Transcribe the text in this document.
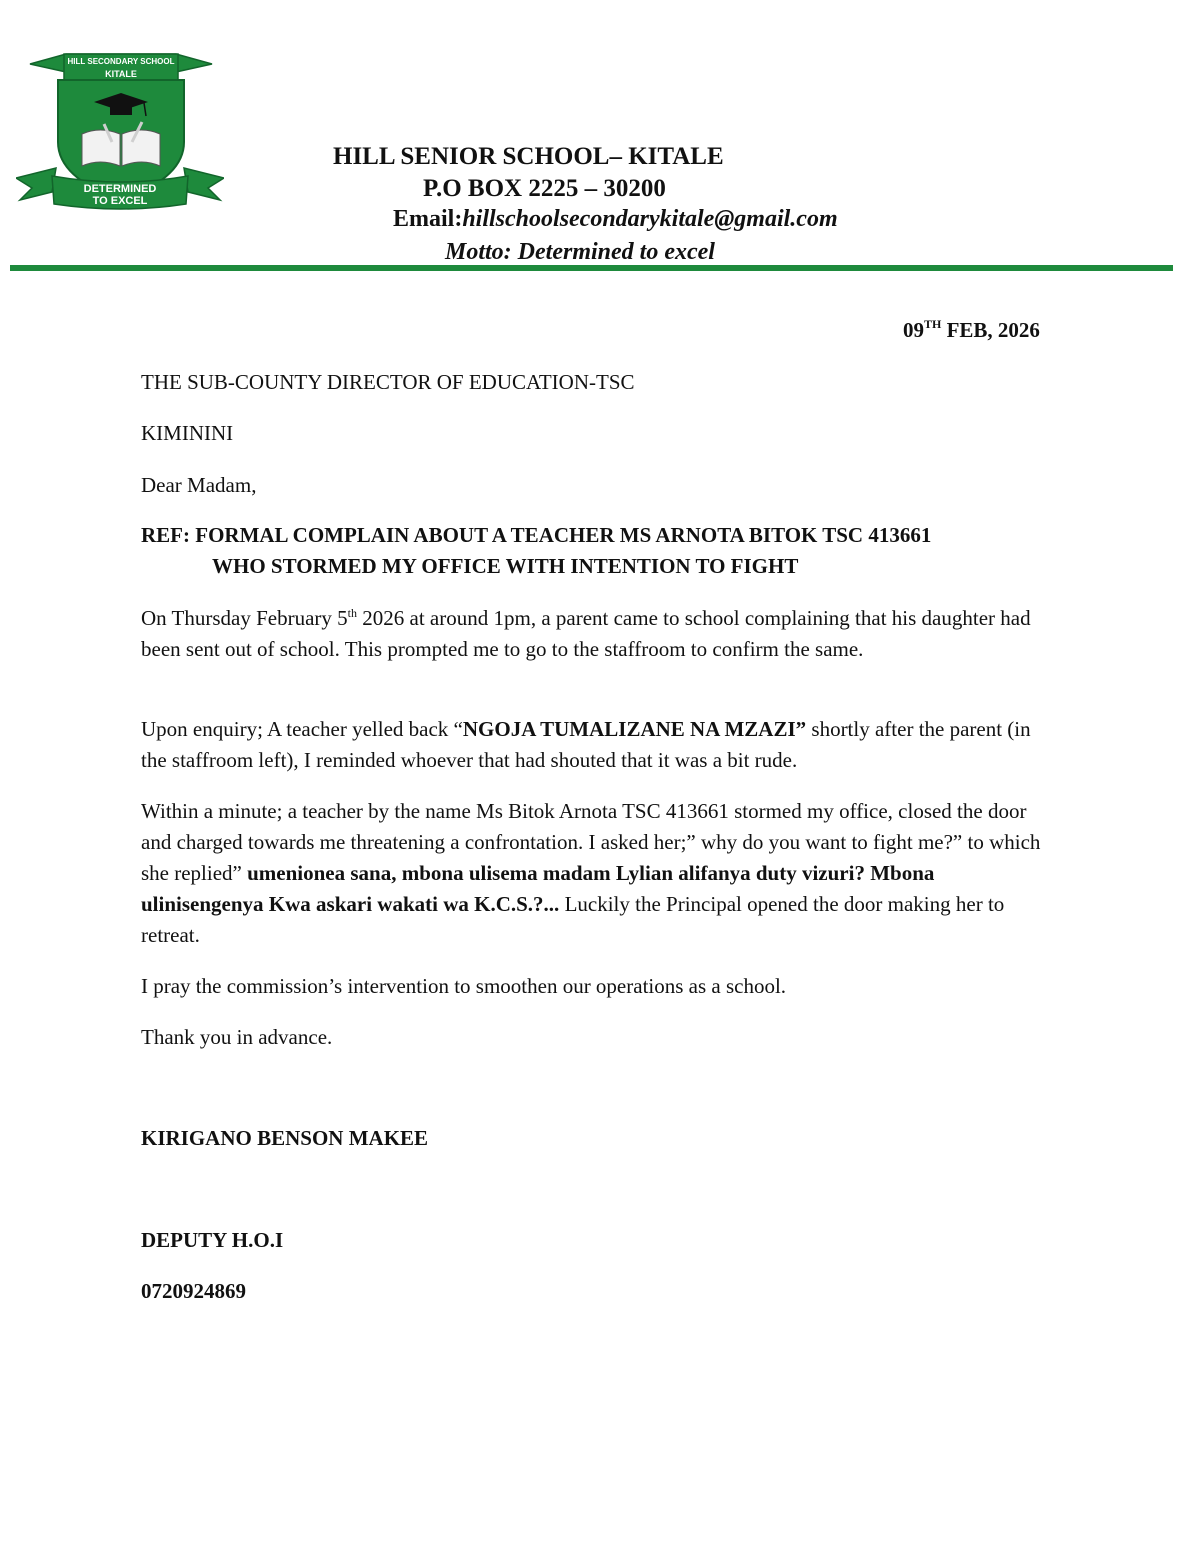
HILL SECONDARY SCHOOL
KITALE
DETERMINED
TO EXCEL
HILL SENIOR SCHOOL– KITALE
P.O BOX 2225 – 30200
Email:hillschoolsecondarykitale@gmail.com
Motto: Determined to excel
09TH FEB, 2026
THE SUB-COUNTY DIRECTOR OF EDUCATION-TSC
KIMININI
Dear Madam,
REF: FORMAL COMPLAIN ABOUT A TEACHER MS ARNOTA BITOK TSC 413661
WHO STORMED MY OFFICE WITH INTENTION TO FIGHT
On Thursday February 5th 2026 at around 1pm, a parent came to school complaining that his daughter had been sent out of school. This prompted me to go to the staffroom to confirm the same.
Upon enquiry; A teacher yelled back “NGOJA TUMALIZANE NA MZAZI” shortly after the parent (in the staffroom left), I reminded whoever that had shouted that it was a bit rude.
Within a minute; a teacher by the name Ms Bitok Arnota TSC 413661 stormed my office, closed the door and charged towards me threatening a confrontation. I asked her;” why do you want to fight me?” to which she replied” umenionea sana, mbona ulisema madam Lylian alifanya duty vizuri? Mbona ulinisengenya Kwa askari wakati wa K.C.S.?... Luckily the Principal opened the door making her to retreat.
I pray the commission’s intervention to smoothen our operations as a school.
Thank you in advance.
KIRIGANO BENSON MAKEE
DEPUTY H.O.I
0720924869
